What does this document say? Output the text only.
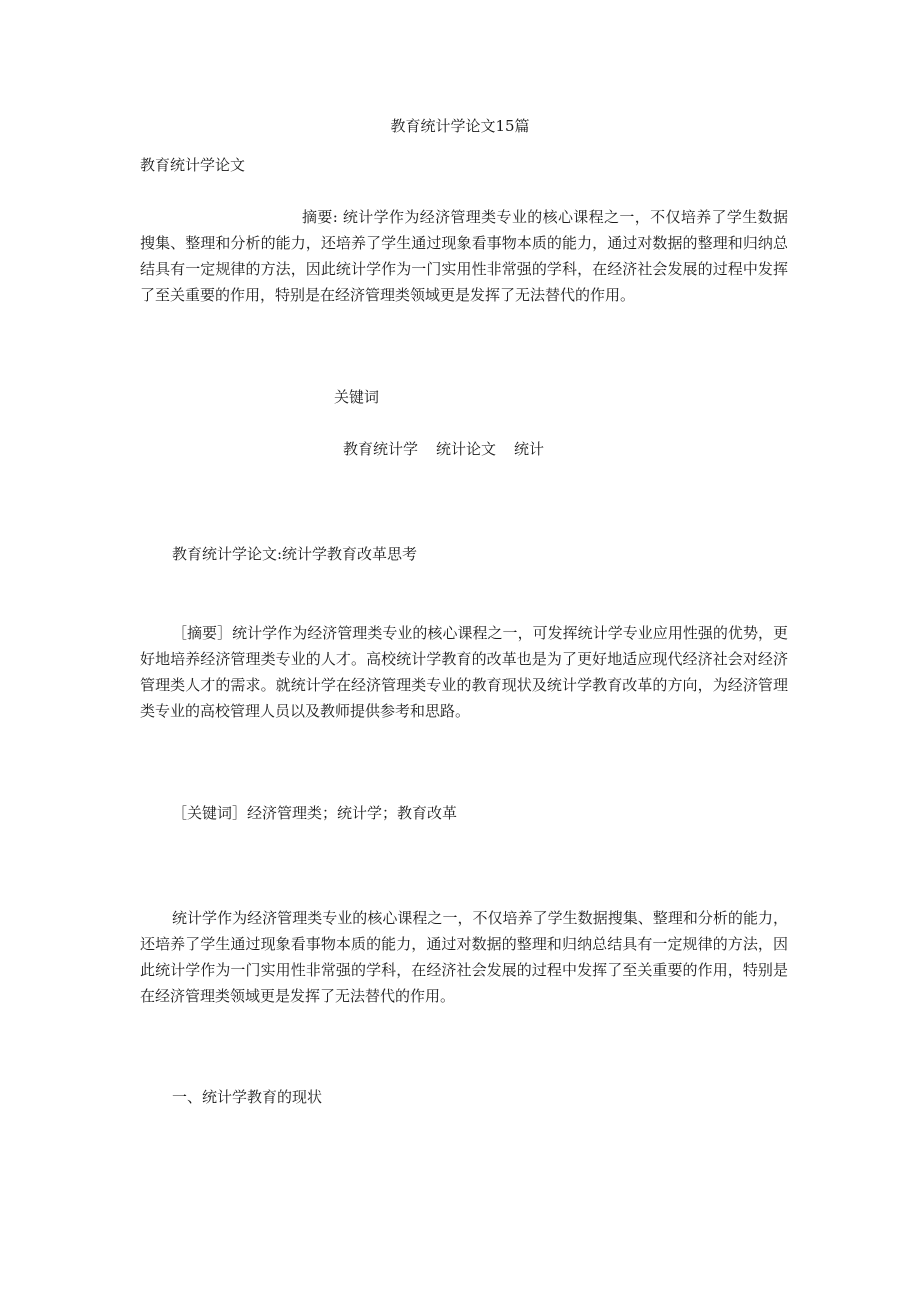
教育统计学论文15篇
教育统计学论文
摘要: 统计学作为经济管理类专业的核心课程之一，不仅培养了学生数据搜集、整理和分析的能力，还培养了学生通过现象看事物本质的能力，通过对数据的整理和归纳总结具有一定规律的方法，因此统计学作为一门实用性非常强的学科，在经济社会发展的过程中发挥了至关重要的作用，特别是在经济管理类领域更是发挥了无法替代的作用。
关键词
教育统计学 统计论文 统计
教育统计学论文:统计学教育改革思考
［摘要］统计学作为经济管理类专业的核心课程之一，可发挥统计学专业应用性强的优势，更好地培养经济管理类专业的人才。高校统计学教育的改革也是为了更好地适应现代经济社会对经济管理类人才的需求。就统计学在经济管理类专业的教育现状及统计学教育改革的方向，为经济管理类专业的高校管理人员以及教师提供参考和思路。
［关键词］经济管理类；统计学；教育改革
统计学作为经济管理类专业的核心课程之一，不仅培养了学生数据搜集、整理和分析的能力，还培养了学生通过现象看事物本质的能力，通过对数据的整理和归纳总结具有一定规律的方法，因此统计学作为一门实用性非常强的学科，在经济社会发展的过程中发挥了至关重要的作用，特别是在经济管理类领域更是发挥了无法替代的作用。
一、统计学教育的现状
